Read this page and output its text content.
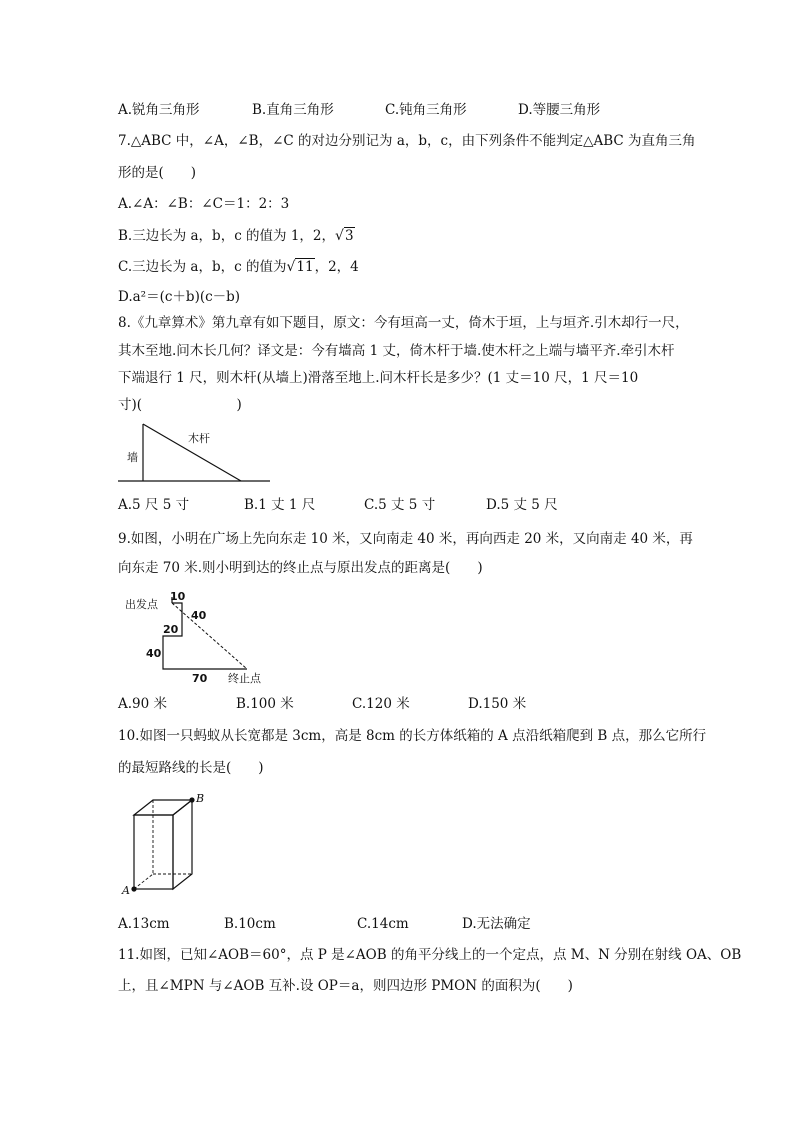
A.锐角三角形	B.直角三角形	C.钝角三角形	D.等腰三角形
7.△ABC 中，∠A，∠B，∠C 的对边分别记为 a，b，c，由下列条件不能判定△ABC 为直角三角
形的是(　　)
A.∠A：∠B：∠C＝1：2：3
B.三边长为 a，b，c 的值为 1，2，√3
C.三边长为 a，b，c 的值为√11，2，4
D.a²＝(c＋b)(c－b)
8.《九章算术》第九章有如下题目，原文：今有垣高一丈，倚木于垣，上与垣齐.引木却行一尺，
其木至地.问木长几何？译文是：今有墙高 1 丈，倚木杆于墙.使木杆之上端与墙平齐.牵引木杆
下端退行 1 尺，则木杆(从墙上)滑落至地上.问木杆长是多少？(1 丈＝10 尺，1 尺＝10
寸)(　　　　　　　)
墙
木杆
A.5 尺 5 寸	B.1 丈 1 尺	C.5 丈 5 寸	D.5 丈 5 尺
9.如图，小明在广场上先向东走 10 米，又向南走 40 米，再向西走 20 米，又向南走 40 米，再
向东走 70 米.则小明到达的终止点与原出发点的距离是(　　)
出发点
10
40
20
40
70 终止点
A.90 米	B.100 米	C.120 米	D.150 米
10.如图一只蚂蚁从长宽都是 3cm，高是 8cm 的长方体纸箱的 A 点沿纸箱爬到 B 点，那么它所行
的最短路线的长是(　　)
A
B
A.13cm	B.10cm	C.14cm	D.无法确定
11.如图，已知∠AOB＝60°，点 P 是∠AOB 的角平分线上的一个定点，点 M、N 分别在射线 OA、OB
上，且∠MPN 与∠AOB 互补.设 OP＝a，则四边形 PMON 的面积为(　　)
